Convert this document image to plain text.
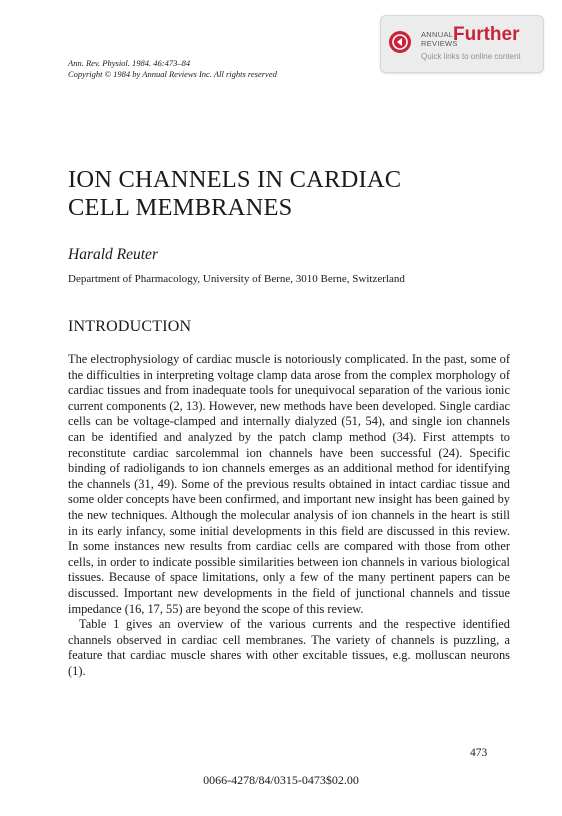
ANNUAL
REVIEWS
Further
Quick links to online content
Ann. Rev. Physiol. 1984. 46:473–84
Copyright © 1984 by Annual Reviews Inc. All rights reserved
ION CHANNELS IN CARDIAC
CELL MEMBRANES
Harald Reuter
Department of Pharmacology, University of Berne, 3010 Berne, Switzerland
INTRODUCTION

The electrophysiology of cardiac muscle is notoriously complicated. In the past, some of the difficulties in interpreting voltage clamp data arose from the complex morphology of cardiac tissues and from inadequate tools for unequivocal separation of the various ionic current components (2, 13). However, new methods have been developed. Single cardiac cells can be voltage-clamped and internally dialyzed (51, 54), and single ion channels can be identified and analyzed by the patch clamp method (34). First attempts to reconstitute cardiac sarcolemmal ion channels have been successful (24). Specific binding of radioligands to ion channels emerges as an additional method for identifying the channels (31, 49). Some of the previous results obtained in intact cardiac tissue and some older concepts have been confirmed, and important new insight has been gained by the new techniques. Although the molecular analysis of ion channels in the heart is still in its early infancy, some initial developments in this field are discussed in this review. In some instances new results from cardiac cells are compared with those from other cells, in order to indicate possible similarities between ion channels in various biological tissues. Because of space limitations, only a few of the many pertinent papers can be discussed. Important new developments in the field of junctional channels and tissue impedance (16, 17, 55) are beyond the scope of this review.

Table 1 gives an overview of the various currents and the respective identified channels observed in cardiac cell membranes. The variety of channels is puzzling, a feature that cardiac muscle shares with other excitable tissues, e.g. molluscan neurons (1).

473
0066-4278/84/0315-0473$02.00
